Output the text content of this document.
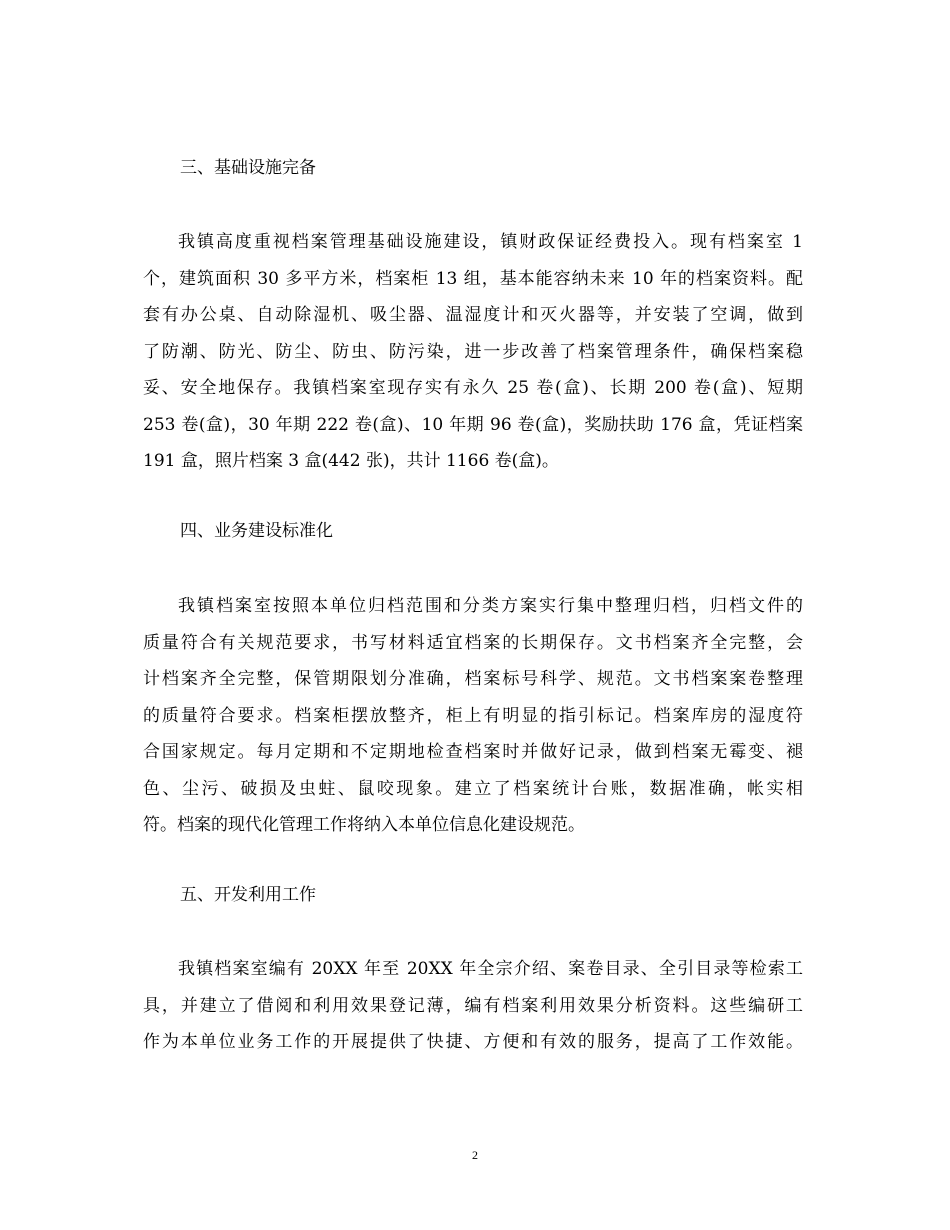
三、基础设施完备
我镇高度重视档案管理基础设施建设，镇财政保证经费投入。现有档案室 1
个，建筑面积 30 多平方米，档案柜 13 组，基本能容纳未来 10 年的档案资料。配
套有办公桌、自动除湿机、吸尘器、温湿度计和灭火器等，并安装了空调，做到
了防潮、防光、防尘、防虫、防污染，进一步改善了档案管理条件，确保档案稳
妥、安全地保存。我镇档案室现存实有永久 25 卷(盒)、长期 200 卷(盒)、短期
253 卷(盒)，30 年期 222 卷(盒)、10 年期 96 卷(盒)，奖励扶助 176 盒，凭证档案
191 盒，照片档案 3 盒(442 张)，共计 1166 卷(盒)。
四、业务建设标准化
我镇档案室按照本单位归档范围和分类方案实行集中整理归档，归档文件的
质量符合有关规范要求，书写材料适宜档案的长期保存。文书档案齐全完整，会
计档案齐全完整，保管期限划分准确，档案标号科学、规范。文书档案案卷整理
的质量符合要求。档案柜摆放整齐，柜上有明显的指引标记。档案库房的湿度符
合国家规定。每月定期和不定期地检查档案时并做好记录，做到档案无霉变、褪
色、尘污、破损及虫蛀、鼠咬现象。建立了档案统计台账，数据准确，帐实相
符。档案的现代化管理工作将纳入本单位信息化建设规范。
五、开发利用工作
我镇档案室编有 20XX 年至 20XX 年全宗介绍、案卷目录、全引目录等检索工
具，并建立了借阅和利用效果登记薄，编有档案利用效果分析资料。这些编研工
作为本单位业务工作的开展提供了快捷、方便和有效的服务，提高了工作效能。
2
